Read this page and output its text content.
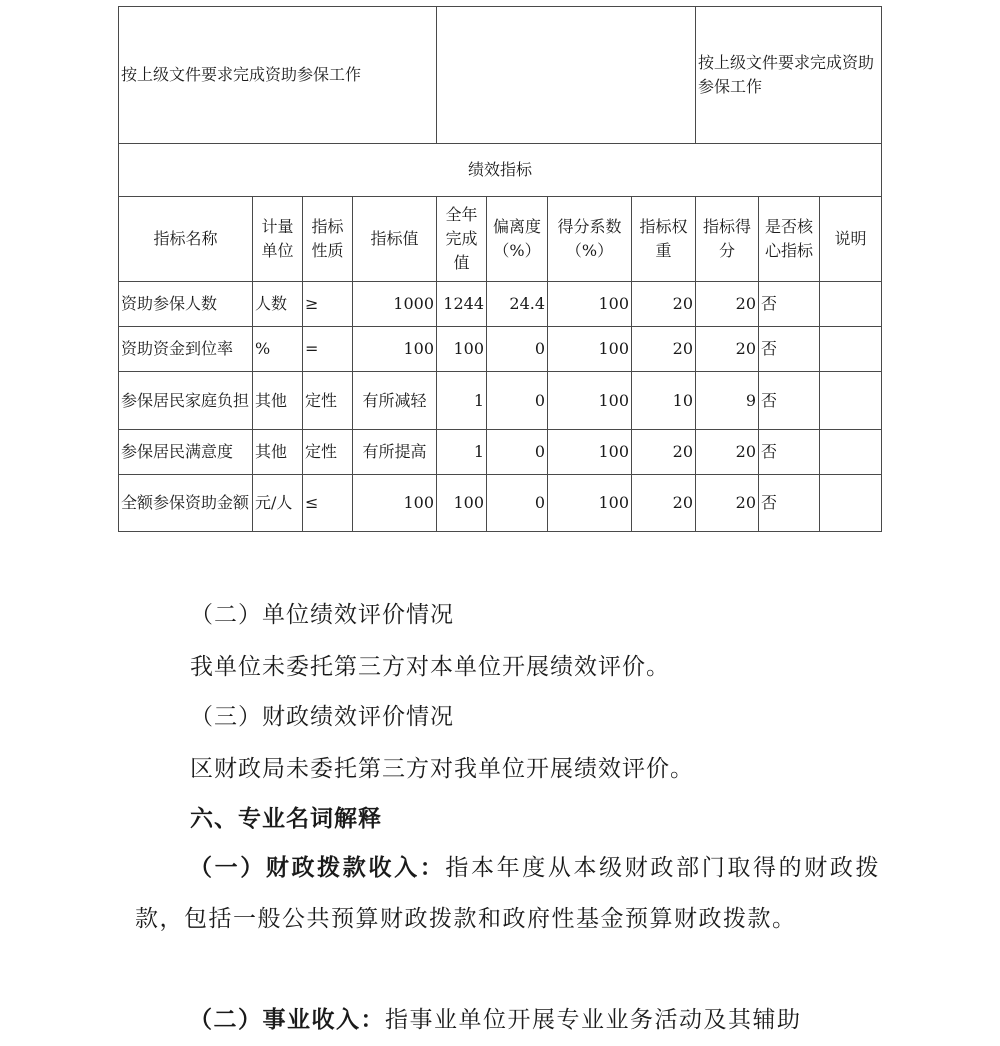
按上级文件要求完成资助参保工作								按上级文件要求完成资助参保工作		
绩效指标										
指标名称	计量单位	指标性质	指标值	全年完成值	偏离度（%）	得分系数（%）	指标权重	指标得分	是否核心指标	说明
资助参保人数	人数	≥	1000	1244	24.4	100	20	20	否	
资助资金到位率	%	=	100	100	0	100	20	20	否	
参保居民家庭负担	其他	定性	有所减轻	1	0	100	10	9	否	
参保居民满意度	其他	定性	有所提高	1	0	100	20	20	否	
全额参保资助金额	元/人	≤	100	100	0	100	20	20	否	
（二）单位绩效评价情况
我单位未委托第三方对本单位开展绩效评价。
（三）财政绩效评价情况
区财政局未委托第三方对我单位开展绩效评价。
六、专业名词解释
（一）财政拨款收入：指本年度从本级财政部门取得的财政拨款，包括一般公共预算财政拨款和政府性基金预算财政拨款。
（二）事业收入：指事业单位开展专业业务活动及其辅助
